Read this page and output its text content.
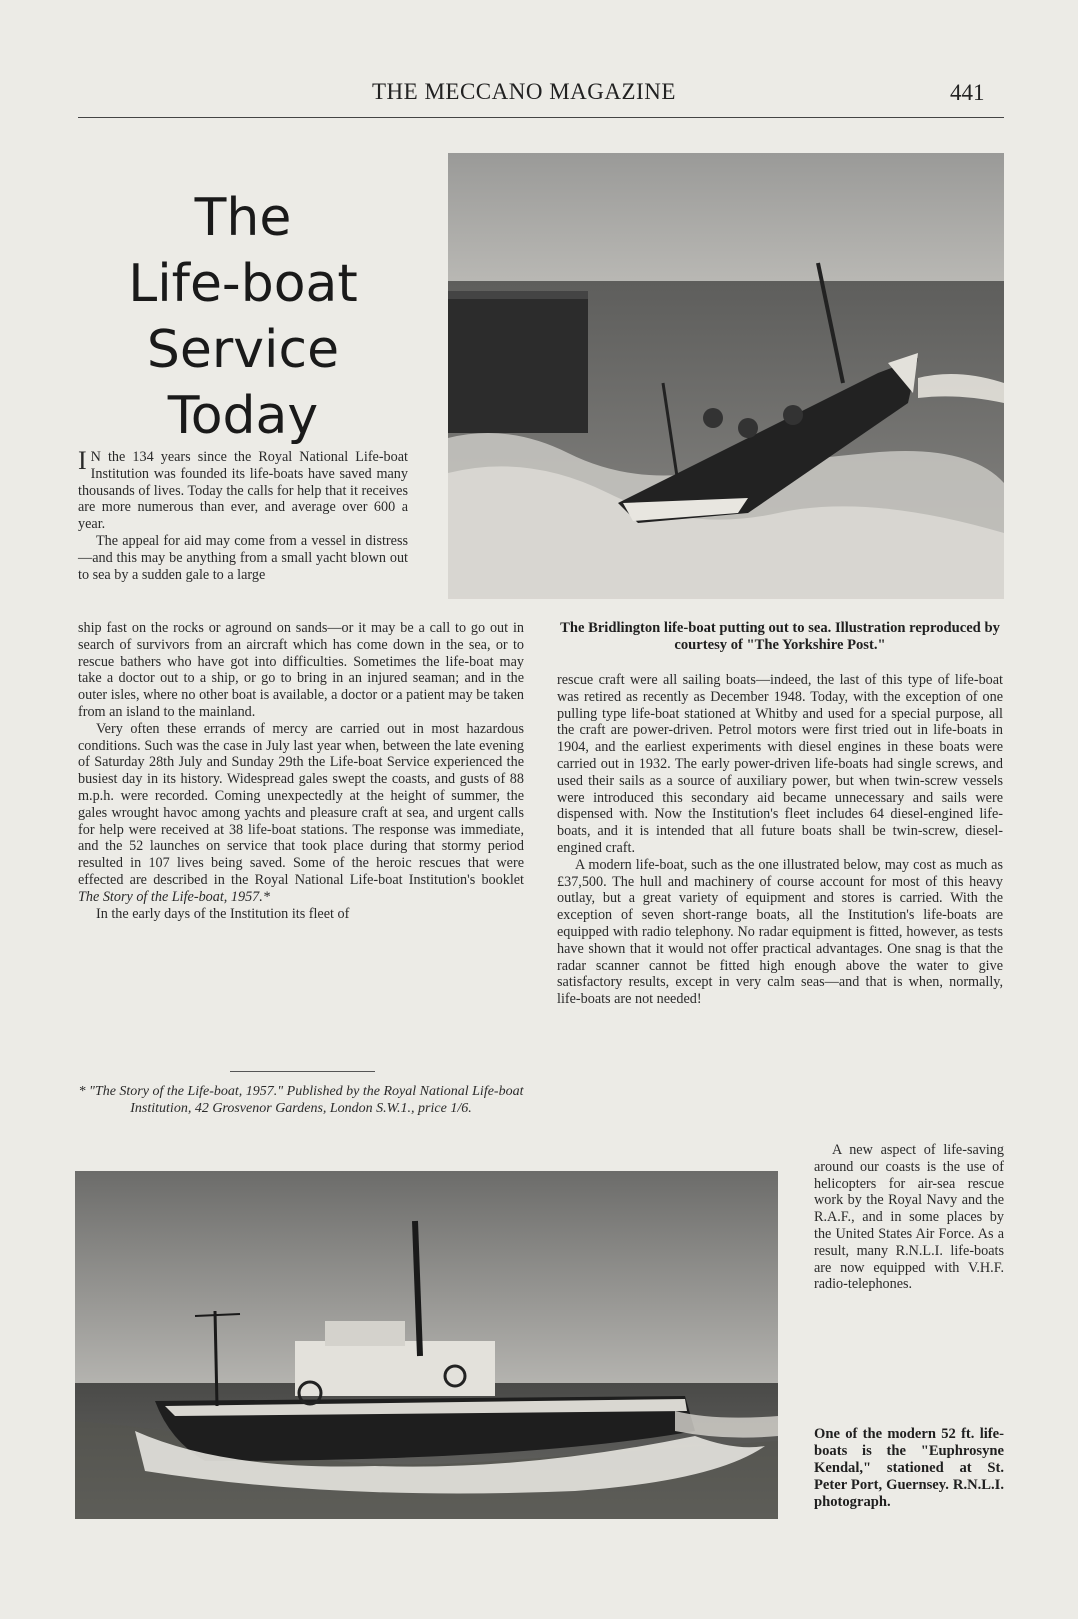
THE MECCANO MAGAZINE	441
The
Life-boat
Service
Today
The Bridlington life-boat putting out to sea. Illustration reproduced by courtesy of "The Yorkshire Post."

I N the 134 years since the Royal National Life-boat Institution was founded its life-boats have saved many thousands of lives. Today the calls for help that it receives are more numerous than ever, and average over 600 a year.

The appeal for aid may come from a vessel in distress—and this may be anything from a small yacht blown out to sea by a sudden gale to a large

ship fast on the rocks or aground on sands—or it may be a call to go out in search of survivors from an aircraft which has come down in the sea, or to rescue bathers who have got into difficulties. Sometimes the life-boat may take a doctor out to a ship, or go to bring in an injured seaman; and in the outer isles, where no other boat is available, a doctor or a patient may be taken from an island to the mainland.

Very often these errands of mercy are carried out in most hazardous conditions. Such was the case in July last year when, between the late evening of Saturday 28th July and Sunday 29th the Life-boat Service experienced the busiest day in its history. Widespread gales swept the coasts, and gusts of 88 m.p.h. were recorded. Coming unexpectedly at the height of summer, the gales wrought havoc among yachts and pleasure craft at sea, and urgent calls for help were received at 38 life-boat stations. The response was immediate, and the 52 launches on service that took place during that stormy period resulted in 107 lives being saved. Some of the heroic rescues that were effected are described in the Royal National Life-boat Institution's booklet The Story of the Life-boat, 1957.*

In the early days of the Institution its fleet of

* "The Story of the Life-boat, 1957." Published by the Royal National Life-boat Institution, 42 Grosvenor Gardens, London S.W.1., price 1/6.

rescue craft were all sailing boats—indeed, the last of this type of life-boat was retired as recently as December 1948. Today, with the exception of one pulling type life-boat stationed at Whitby and used for a special purpose, all the craft are power-driven. Petrol motors were first tried out in life-boats in 1904, and the earliest experiments with diesel engines in these boats were carried out in 1932. The early power-driven life-boats had single screws, and used their sails as a source of auxiliary power, but when twin-screw vessels were introduced this secondary aid became unnecessary and sails were dispensed with. Now the Institution's fleet includes 64 diesel-engined life-boats, and it is intended that all future boats shall be twin-screw, diesel-engined craft.

A modern life-boat, such as the one illustrated below, may cost as much as £37,500. The hull and machinery of course account for most of this heavy outlay, but a great variety of equipment and stores is carried. With the exception of seven short-range boats, all the Institution's life-boats are equipped with radio telephony. No radar equipment is fitted, however, as tests have shown that it would not offer practical advantages. One snag is that the radar scanner cannot be fitted high enough above the water to give satisfactory results, except in very calm seas—and that is when, normally, life-boats are not needed!

A new aspect of life-saving around our coasts is the use of helicopters for air-sea rescue work by the Royal Navy and the R.A.F., and in some places by the United States Air Force. As a result, many R.N.L.I. life-boats are now equipped with V.H.F. radio-telephones.

One of the modern 52 ft. life-boats is the "Euphrosyne Kendal," stationed at St. Peter Port, Guernsey. R.N.L.I. photograph.
